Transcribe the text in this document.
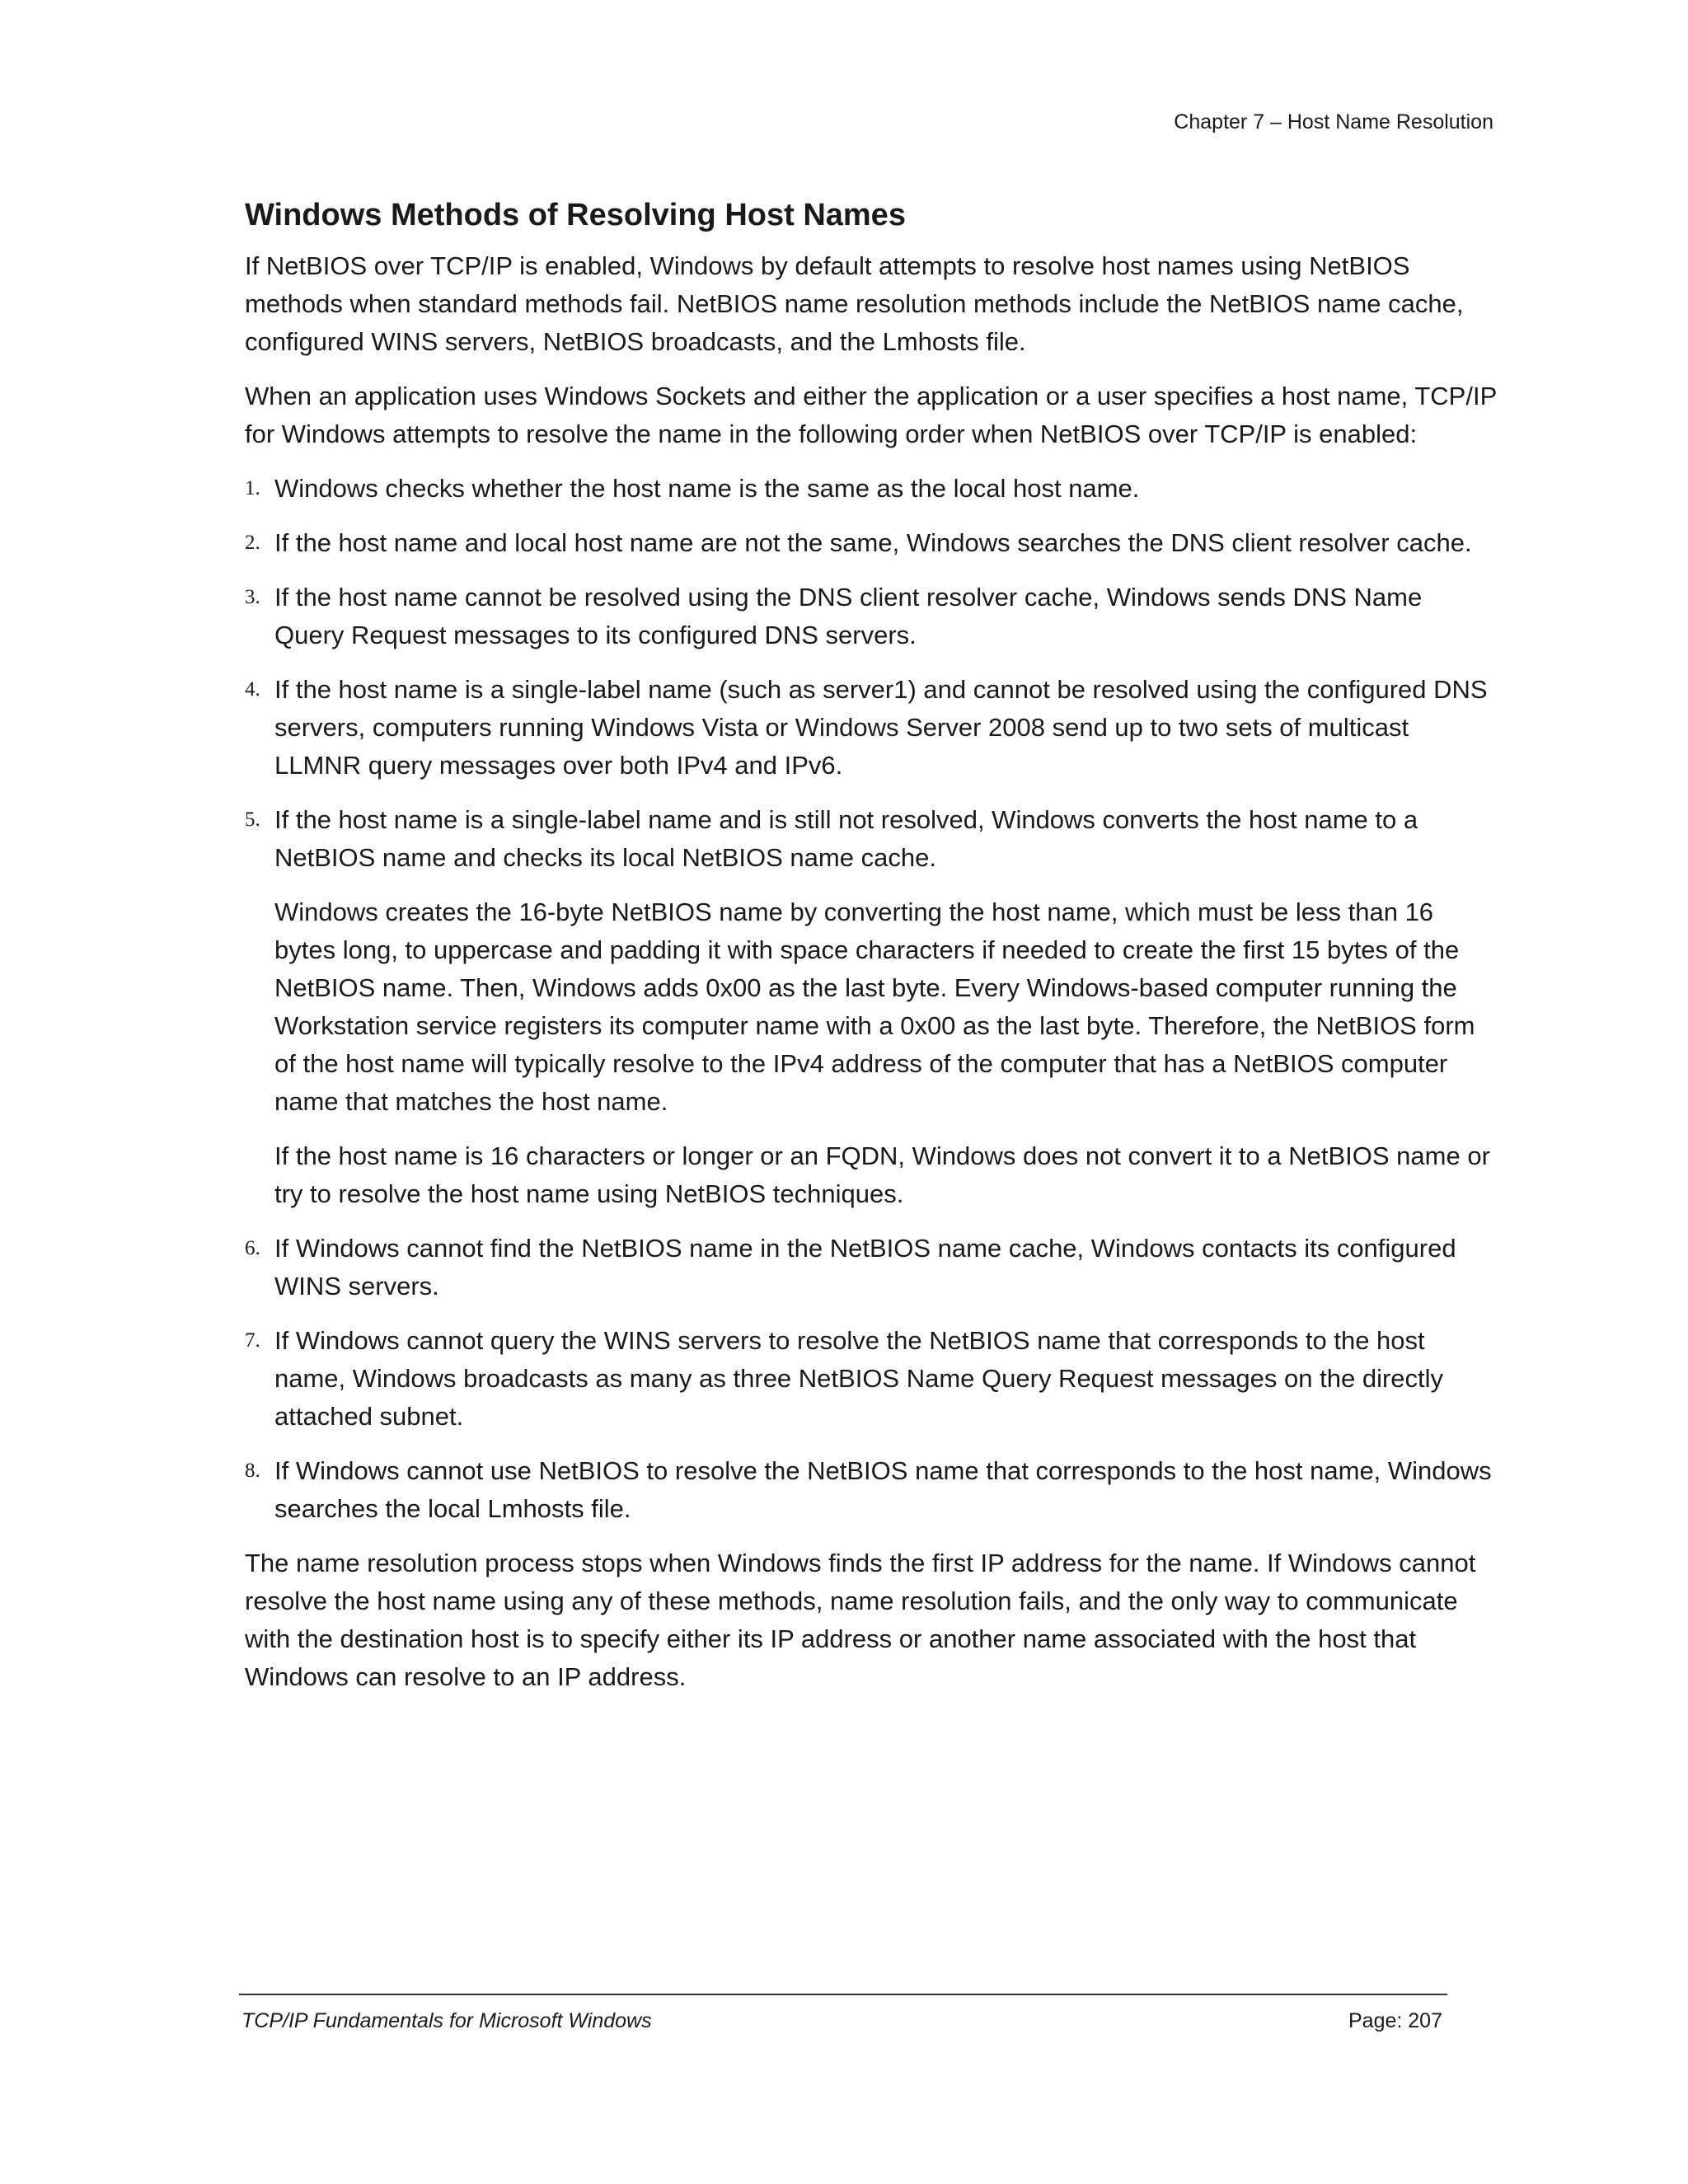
Chapter 7 – Host Name Resolution
Windows Methods of Resolving Host Names

If NetBIOS over TCP/IP is enabled, Windows by default attempts to resolve host names using NetBIOS methods when standard methods fail. NetBIOS name resolution methods include the NetBIOS name cache, configured WINS servers, NetBIOS broadcasts, and the Lmhosts file.

When an application uses Windows Sockets and either the application or a user specifies a host name, TCP/IP for Windows attempts to resolve the name in the following order when NetBIOS over TCP/IP is enabled:

1. Windows checks whether the host name is the same as the local host name.
2. If the host name and local host name are not the same, Windows searches the DNS client resolver cache.
3. If the host name cannot be resolved using the DNS client resolver cache, Windows sends DNS Name Query Request messages to its configured DNS servers.
4. If the host name is a single-label name (such as server1) and cannot be resolved using the configured DNS servers, computers running Windows Vista or Windows Server 2008 send up to two sets of multicast LLMNR query messages over both IPv4 and IPv6.
5. If the host name is a single-label name and is still not resolved, Windows converts the host name to a NetBIOS name and checks its local NetBIOS name cache.

Windows creates the 16-byte NetBIOS name by converting the host name, which must be less than 16 bytes long, to uppercase and padding it with space characters if needed to create the first 15 bytes of the NetBIOS name. Then, Windows adds 0x00 as the last byte. Every Windows-based computer running the Workstation service registers its computer name with a 0x00 as the last byte. Therefore, the NetBIOS form of the host name will typically resolve to the IPv4 address of the computer that has a NetBIOS computer name that matches the host name.

If the host name is 16 characters or longer or an FQDN, Windows does not convert it to a NetBIOS name or try to resolve the host name using NetBIOS techniques.

6. If Windows cannot find the NetBIOS name in the NetBIOS name cache, Windows contacts its configured WINS servers.
7. If Windows cannot query the WINS servers to resolve the NetBIOS name that corresponds to the host name, Windows broadcasts as many as three NetBIOS Name Query Request messages on the directly attached subnet.
8. If Windows cannot use NetBIOS to resolve the NetBIOS name that corresponds to the host name, Windows searches the local Lmhosts file.

The name resolution process stops when Windows finds the first IP address for the name. If Windows cannot resolve the host name using any of these methods, name resolution fails, and the only way to communicate with the destination host is to specify either its IP address or another name associated with the host that Windows can resolve to an IP address.

TCP/IP Fundamentals for Microsoft Windows	Page: 207
